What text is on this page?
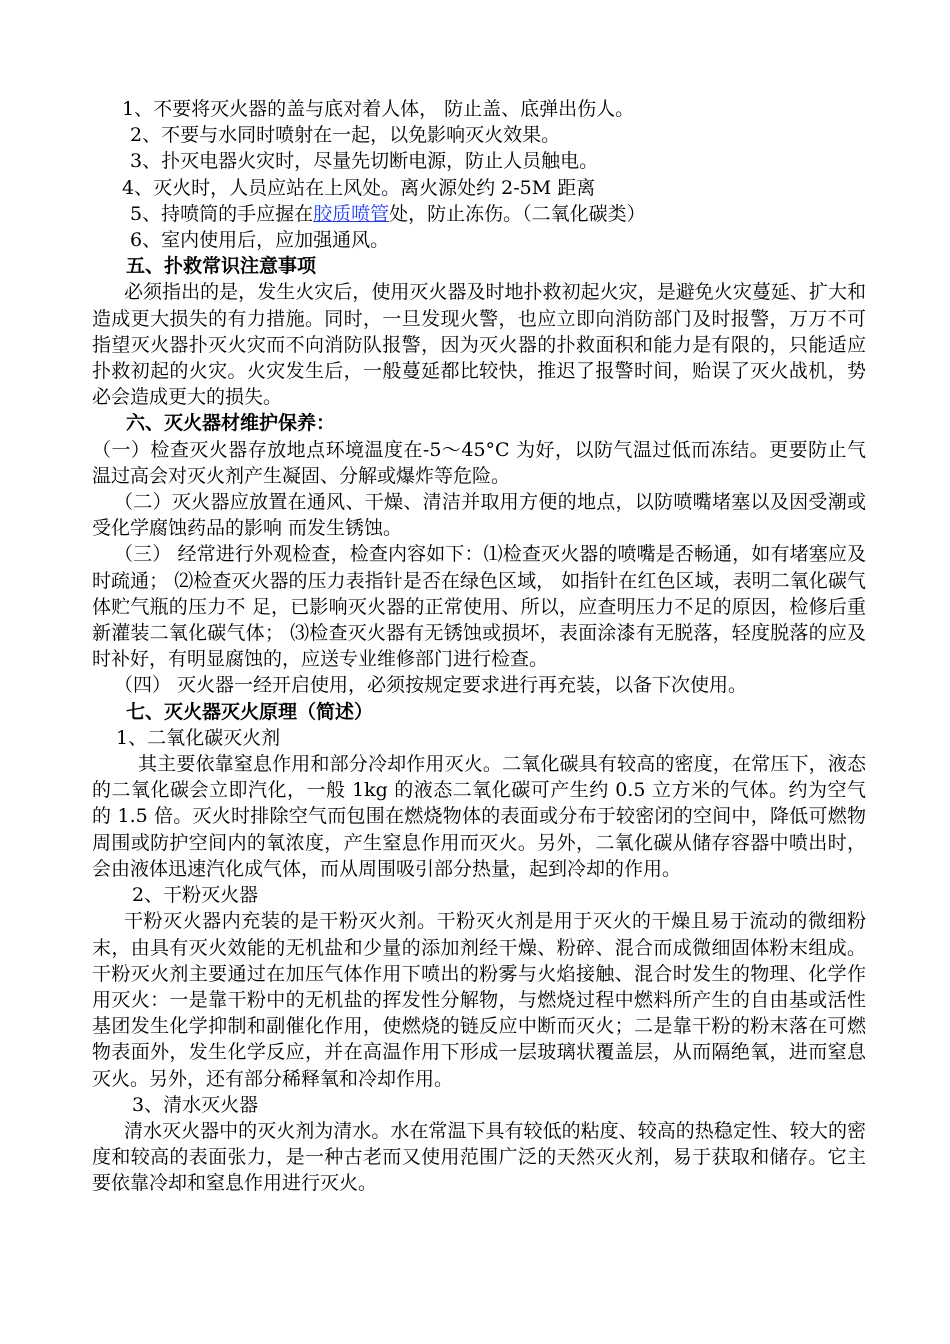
1、不要将灭火器的盖与底对着人体， 防止盖、底弹出伤人。

2、不要与水同时喷射在一起，以免影响灭火效果。

3、扑灭电器火灾时，尽量先切断电源，防止人员触电。

4、灭火时，人员应站在上风处。离火源处约 2-5M 距离

5、持喷筒的手应握在胶质喷管处，防止冻伤。（二氧化碳类）

6、室内使用后，应加强通风。

五、扑救常识注意事项

必须指出的是，发生火灾后，使用灭火器及时地扑救初起火灾，是避免火灾蔓延、扩大和造成更大损失的有力措施。同时，一旦发现火警，也应立即向消防部门及时报警，万万不可指望灭火器扑灭火灾而不向消防队报警，因为灭火器的扑救面积和能力是有限的，只能适应扑救初起的火灾。火灾发生后，一般蔓延都比较快，推迟了报警时间，贻误了灭火战机，势必会造成更大的损失。

六、灭火器材维护保养：

（一）检查灭火器存放地点环境温度在-5～45°C 为好，以防气温过低而冻结。更要防止气温过高会对灭火剂产生凝固、分解或爆炸等危险。

（二）灭火器应放置在通风、干燥、清洁并取用方便的地点，以防喷嘴堵塞以及因受潮或受化学腐蚀药品的影响 而发生锈蚀。

（三） 经常进行外观检查，检查内容如下：⑴检查灭火器的喷嘴是否畅通，如有堵塞应及时疏通； ⑵检查灭火器的压力表指针是否在绿色区域， 如指针在红色区域，表明二氧化碳气体贮气瓶的压力不 足，已影响灭火器的正常使用、所以，应查明压力不足的原因，检修后重新灌装二氧化碳气体； ⑶检查灭火器有无锈蚀或损坏，表面涂漆有无脱落，轻度脱落的应及时补好，有明显腐蚀的，应送专业维修部门进行检查。

（四） 灭火器一经开启使用，必须按规定要求进行再充装，以备下次使用。

七、灭火器灭火原理（简述）

1、二氧化碳灭火剂

其主要依靠窒息作用和部分冷却作用灭火。二氧化碳具有较高的密度，在常压下，液态的二氧化碳会立即汽化，一般 1kg 的液态二氧化碳可产生约 0.5 立方米的气体。约为空气的 1.5 倍。灭火时排除空气而包围在燃烧物体的表面或分布于较密闭的空间中，降低可燃物周围或防护空间内的氧浓度，产生窒息作用而灭火。另外，二氧化碳从储存容器中喷出时，会由液体迅速汽化成气体，而从周围吸引部分热量，起到冷却的作用。

2、干粉灭火器

干粉灭火器内充装的是干粉灭火剂。干粉灭火剂是用于灭火的干燥且易于流动的微细粉末，由具有灭火效能的无机盐和少量的添加剂经干燥、粉碎、混合而成微细固体粉末组成。干粉灭火剂主要通过在加压气体作用下喷出的粉雾与火焰接触、混合时发生的物理、化学作用灭火：一是靠干粉中的无机盐的挥发性分解物，与燃烧过程中燃料所产生的自由基或活性基团发生化学抑制和副催化作用，使燃烧的链反应中断而灭火；二是靠干粉的粉末落在可燃物表面外，发生化学反应，并在高温作用下形成一层玻璃状覆盖层，从而隔绝氧，进而窒息灭火。另外，还有部分稀释氧和冷却作用。

3、清水灭火器

清水灭火器中的灭火剂为清水。水在常温下具有较低的粘度、较高的热稳定性、较大的密度和较高的表面张力，是一种古老而又使用范围广泛的天然灭火剂，易于获取和储存。它主要依靠冷却和窒息作用进行灭火。
